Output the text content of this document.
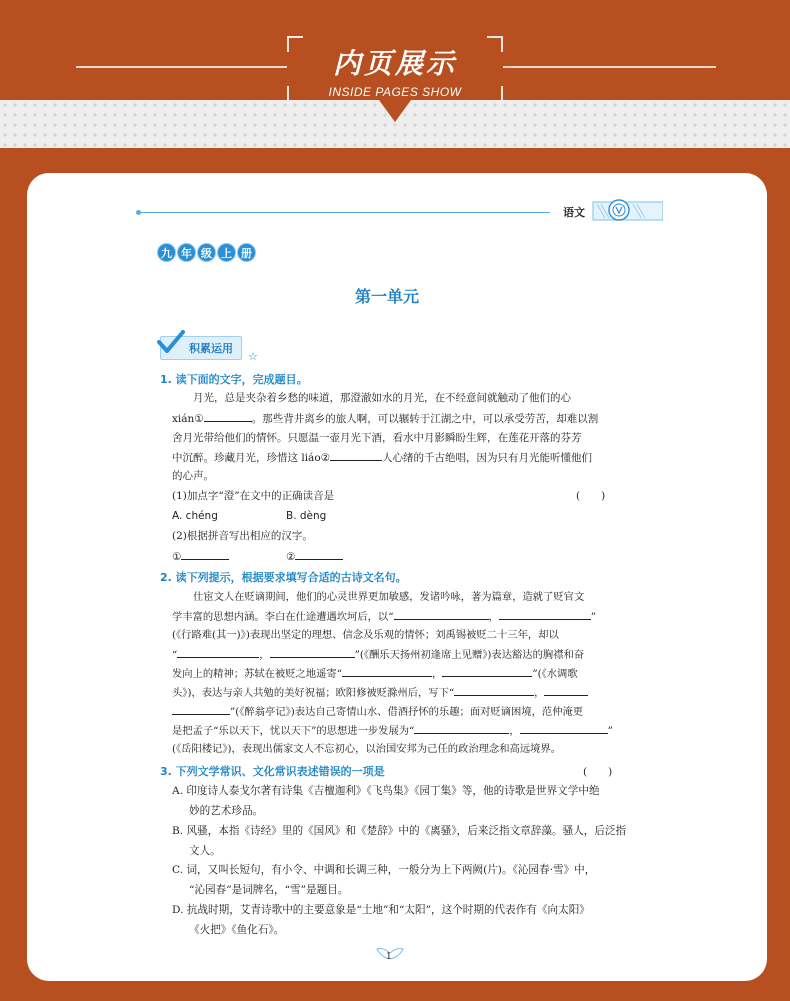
内页展示
INSIDE PAGES SHOW
语文
九 年 级 上 册
第一单元
积累运用
☆
1. 读下面的文字，完成题目。
月光，总是夹杂着乡愁的味道，那澄澈如水的月光，在不经意间就触动了他们的心
xián①	。那些背井离乡的旅人啊，可以辗转于江湖之中，可以承受劳苦，却难以割
舍月光带给他们的情怀。只愿温一壶月光下酒，看水中月影瞬盼生辉，在莲花开落的芬芳
中沉醉。珍藏月光，珍惜这 liáo②	人心绪的千古绝唱，因为只有月光能听懂他们
的心声。
(1)加点字“澄”在文中的正确读音是	(　　)
A. chéng	B. dèng
(2)根据拼音写出相应的汉字。
①	②
2. 读下列提示，根据要求填写合适的古诗文名句。
仕宦文人在贬谪期间，他们的心灵世界更加敏感，发诸吟咏，著为篇章，造就了贬官文
学丰富的思想内涵。李白在仕途遭遇坎坷后，以“	，	”
(《行路难(其一)》)表现出坚定的理想、信念及乐观的情怀；刘禹锡被贬二十三年，却以
“	，	”(《酬乐天扬州初逢席上见赠》)表达豁达的胸襟和奋
发向上的精神；苏轼在被贬之地遥寄“	，	”(《水调歌
头》)，表达与亲人共勉的美好祝福；欧阳修被贬滁州后，写下“	，
”(《醉翁亭记》)表达自己寄情山水、借酒抒怀的乐趣；面对贬谪困境，范仲淹更
是把孟子“乐以天下，忧以天下”的思想进一步发展为“	，	”
(《岳阳楼记》)，表现出儒家文人不忘初心，以治国安邦为己任的政治理念和高远境界。
3. 下列文学常识、文化常识表述错误的一项是	(　　)
A. 印度诗人泰戈尔著有诗集《吉檀迦利》《飞鸟集》《园丁集》等，他的诗歌是世界文学中绝
妙的艺术珍品。
B. 风骚，本指《诗经》里的《国风》和《楚辞》中的《离骚》，后来泛指文章辞藻。骚人，后泛指
文人。
C. 词，又叫长短句，有小令、中调和长调三种，一般分为上下两阙(片)。《沁园春·雪》中，
“沁园春”是词牌名，“雪”是题目。
D. 抗战时期，艾青诗歌中的主要意象是“土地”和“太阳”，这个时期的代表作有《向太阳》
《火把》《鱼化石》。
1
